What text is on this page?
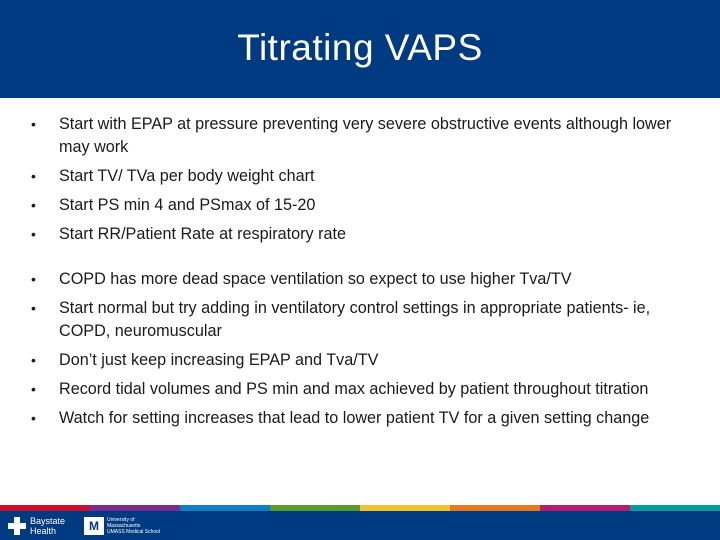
Titrating VAPS
• Start with EPAP at pressure preventing very severe obstructive events although lower may work
• Start TV/ TVa per body weight chart
• Start PS min 4 and PSmax of 15-20
• Start RR/Patient Rate at respiratory rate
• COPD has more dead space ventilation so expect to use higher Tva/TV
• Start normal but try adding in ventilatory control settings in appropriate patients- ie, COPD, neuromuscular
• Don’t just keep increasing EPAP and Tva/TV
• Record tidal volumes and PS min and max achieved by patient throughout titration
• Watch for setting increases that lead to lower patient TV for a given setting change
Baystate
Health
M
University of
Massachusetts
UMASS Medical School
